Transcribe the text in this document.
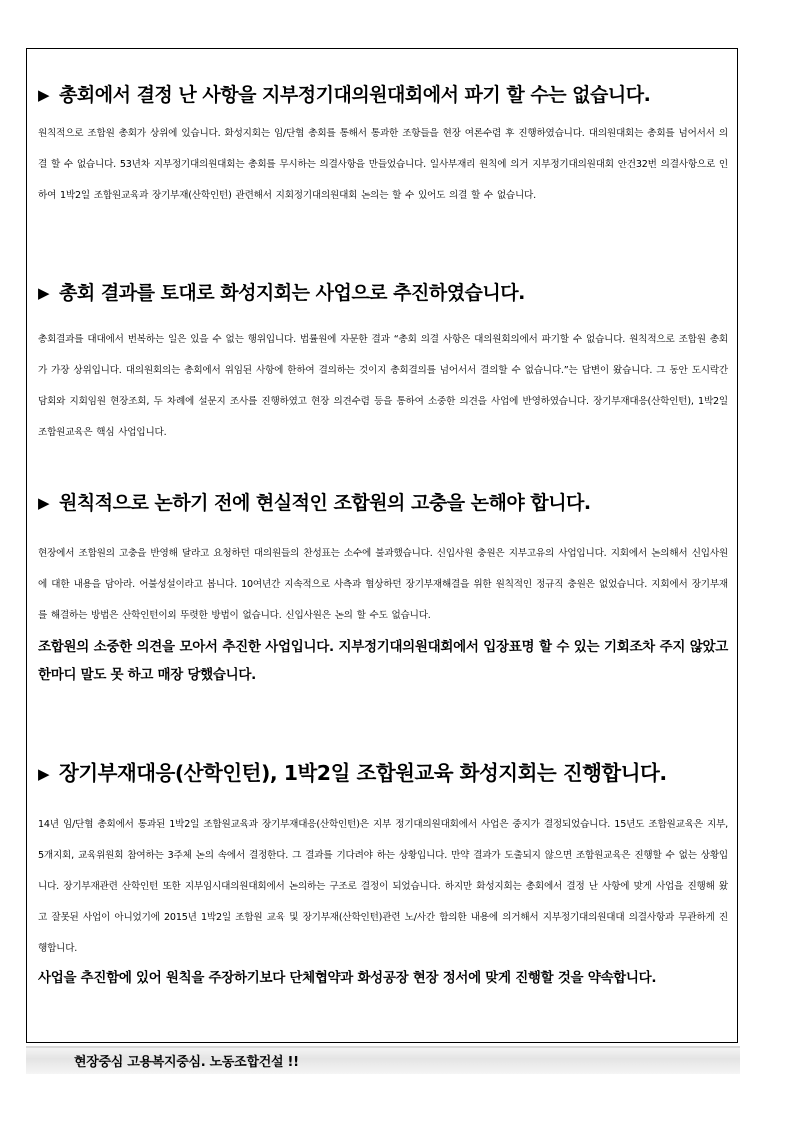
▶ 총회에서 결정 난 사항을 지부정기대의원대회에서 파기 할 수는 없습니다.
원칙적으로 조합원 총회가 상위에 있습니다. 화성지회는 임/단협 총회를 통해서 통과한 조항들을 현장 여론수렴 후 진행하였습니다. 대의원대회는 총회를 넘어서서 의결 할 수 없습니다. 53년차 지부정기대의원대회는 총회를 무시하는 의결사항을 만들었습니다. 일사부재리 원칙에 의거 지부정기대의원대회 안건32번 의결사항으로 인하여 1박2일 조합원교육과 장기부재(산학인턴) 관련해서 지회정기대의원대회 논의는 할 수 있어도 의결 할 수 없습니다.
▶ 총회 결과를 토대로 화성지회는 사업으로 추진하였습니다.
총회결과를 대대에서 번복하는 일은 있을 수 없는 행위입니다. 법률원에 자문한 결과 “총회 의결 사항은 대의원회의에서 파기할 수 없습니다. 원칙적으로 조합원 총회가 가장 상위입니다. 대의원회의는 총회에서 위임된 사항에 한하여 결의하는 것이지 총회결의를 넘어서서 결의할 수 없습니다.”는 답변이 왔습니다. 그 동안 도시락간담회와 지회임원 현장조회, 두 차례에 설문지 조사를 진행하였고 현장 의견수렴 등을 통하여 소중한 의견을 사업에 반영하였습니다. 장기부재대응(산학인턴), 1박2일 조합원교육은 핵심 사업입니다.
▶ 원칙적으로 논하기 전에 현실적인 조합원의 고충을 논해야 합니다.
현장에서 조합원의 고충을 반영해 달라고 요청하던 대의원들의 찬성표는 소수에 불과했습니다. 신입사원 충원은 지부고유의 사업입니다. 지회에서 논의해서 신입사원에 대한 내용을 담아라. 어불성설이라고 봅니다. 10여년간 지속적으로 사측과 협상하던 장기부재해결을 위한 원칙적인 정규직 충원은 없었습니다. 지회에서 장기부재를 해결하는 방법은 산학인턴이외 뚜렷한 방법이 없습니다. 신입사원은 논의 할 수도 없습니다.
조합원의 소중한 의견을 모아서 추진한 사업입니다. 지부정기대의원대회에서 입장표명 할 수 있는 기회조차 주지 않았고 한마디 말도 못 하고 매장 당했습니다.
▶ 장기부재대응(산학인턴), 1박2일 조합원교육 화성지회는 진행합니다.
14년 임/단협 총회에서 통과된 1박2일 조합원교육과 장기부재대응(산학인턴)은 지부 정기대의원대회에서 사업은 중지가 결정되었습니다. 15년도 조합원교육은 지부, 5개지회, 교육위원회 참여하는 3주체 논의 속에서 결정한다. 그 결과를 기다려야 하는 상황입니다. 만약 결과가 도출되지 않으면 조합원교육은 진행할 수 없는 상황입니다. 장기부재관련 산학인턴 또한 지부임시대의원대회에서 논의하는 구조로 결정이 되었습니다. 하지만 화성지회는 총회에서 결정 난 사항에 맞게 사업을 진행해 왔고 잘못된 사업이 아니었기에 2015년 1박2일 조합원 교육 및 장기부재(산학인턴)관련 노/사간 합의한 내용에 의거해서 지부정기대의원대대 의결사항과 무관하게 진행합니다.
사업을 추진함에 있어 원칙을 주장하기보다 단체협약과 화성공장 현장 정서에 맞게 진행할 것을 약속합니다.
현장중심 고용복지중심. 노동조합건설 !!
